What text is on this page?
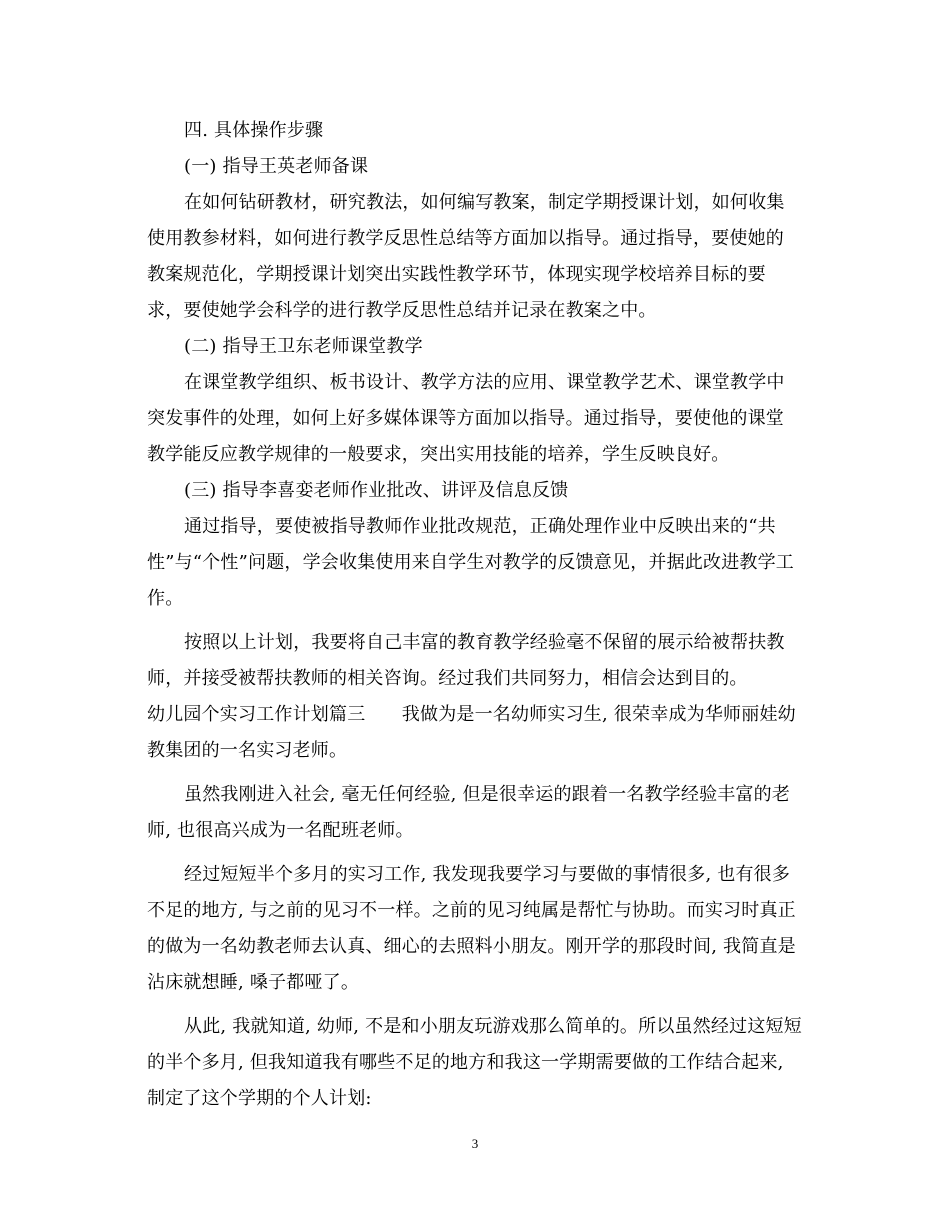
四. 具体操作步骤
(一) 指导王英老师备课
在如何钻研教材，研究教法，如何编写教案，制定学期授课计划，如何收集
使用教参材料，如何进行教学反思性总结等方面加以指导。通过指导，要使她的
教案规范化，学期授课计划突出实践性教学环节，体现实现学校培养目标的要
求，要使她学会科学的进行教学反思性总结并记录在教案之中。
(二) 指导王卫东老师课堂教学
在课堂教学组织、板书设计、教学方法的应用、课堂教学艺术、课堂教学中
突发事件的处理，如何上好多媒体课等方面加以指导。通过指导，要使他的课堂
教学能反应教学规律的一般要求，突出实用技能的培养，学生反映良好。
(三) 指导李喜娈老师作业批改、讲评及信息反馈
通过指导，要使被指导教师作业批改规范，正确处理作业中反映出来的“共
性”与“个性”问题，学会收集使用来自学生对教学的反馈意见，并据此改进教学工
作。
按照以上计划，我要将自己丰富的教育教学经验毫不保留的展示给被帮扶教
师，并接受被帮扶教师的相关咨询。经过我们共同努力，相信会达到目的。
幼儿园个实习工作计划篇三　　我做为是一名幼师实习生, 很荣幸成为华师丽娃幼
教集团的一名实习老师。
虽然我刚进入社会, 毫无任何经验, 但是很幸运的跟着一名教学经验丰富的老
师, 也很高兴成为一名配班老师。
经过短短半个多月的实习工作, 我发现我要学习与要做的事情很多, 也有很多
不足的地方, 与之前的见习不一样。之前的见习纯属是帮忙与协助。而实习时真正
的做为一名幼教老师去认真、细心的去照料小朋友。刚开学的那段时间, 我简直是
沾床就想睡, 嗓子都哑了。
从此, 我就知道, 幼师, 不是和小朋友玩游戏那么简单的。所以虽然经过这短短
的半个多月, 但我知道我有哪些不足的地方和我这一学期需要做的工作结合起来,
制定了这个学期的个人计划:
3
